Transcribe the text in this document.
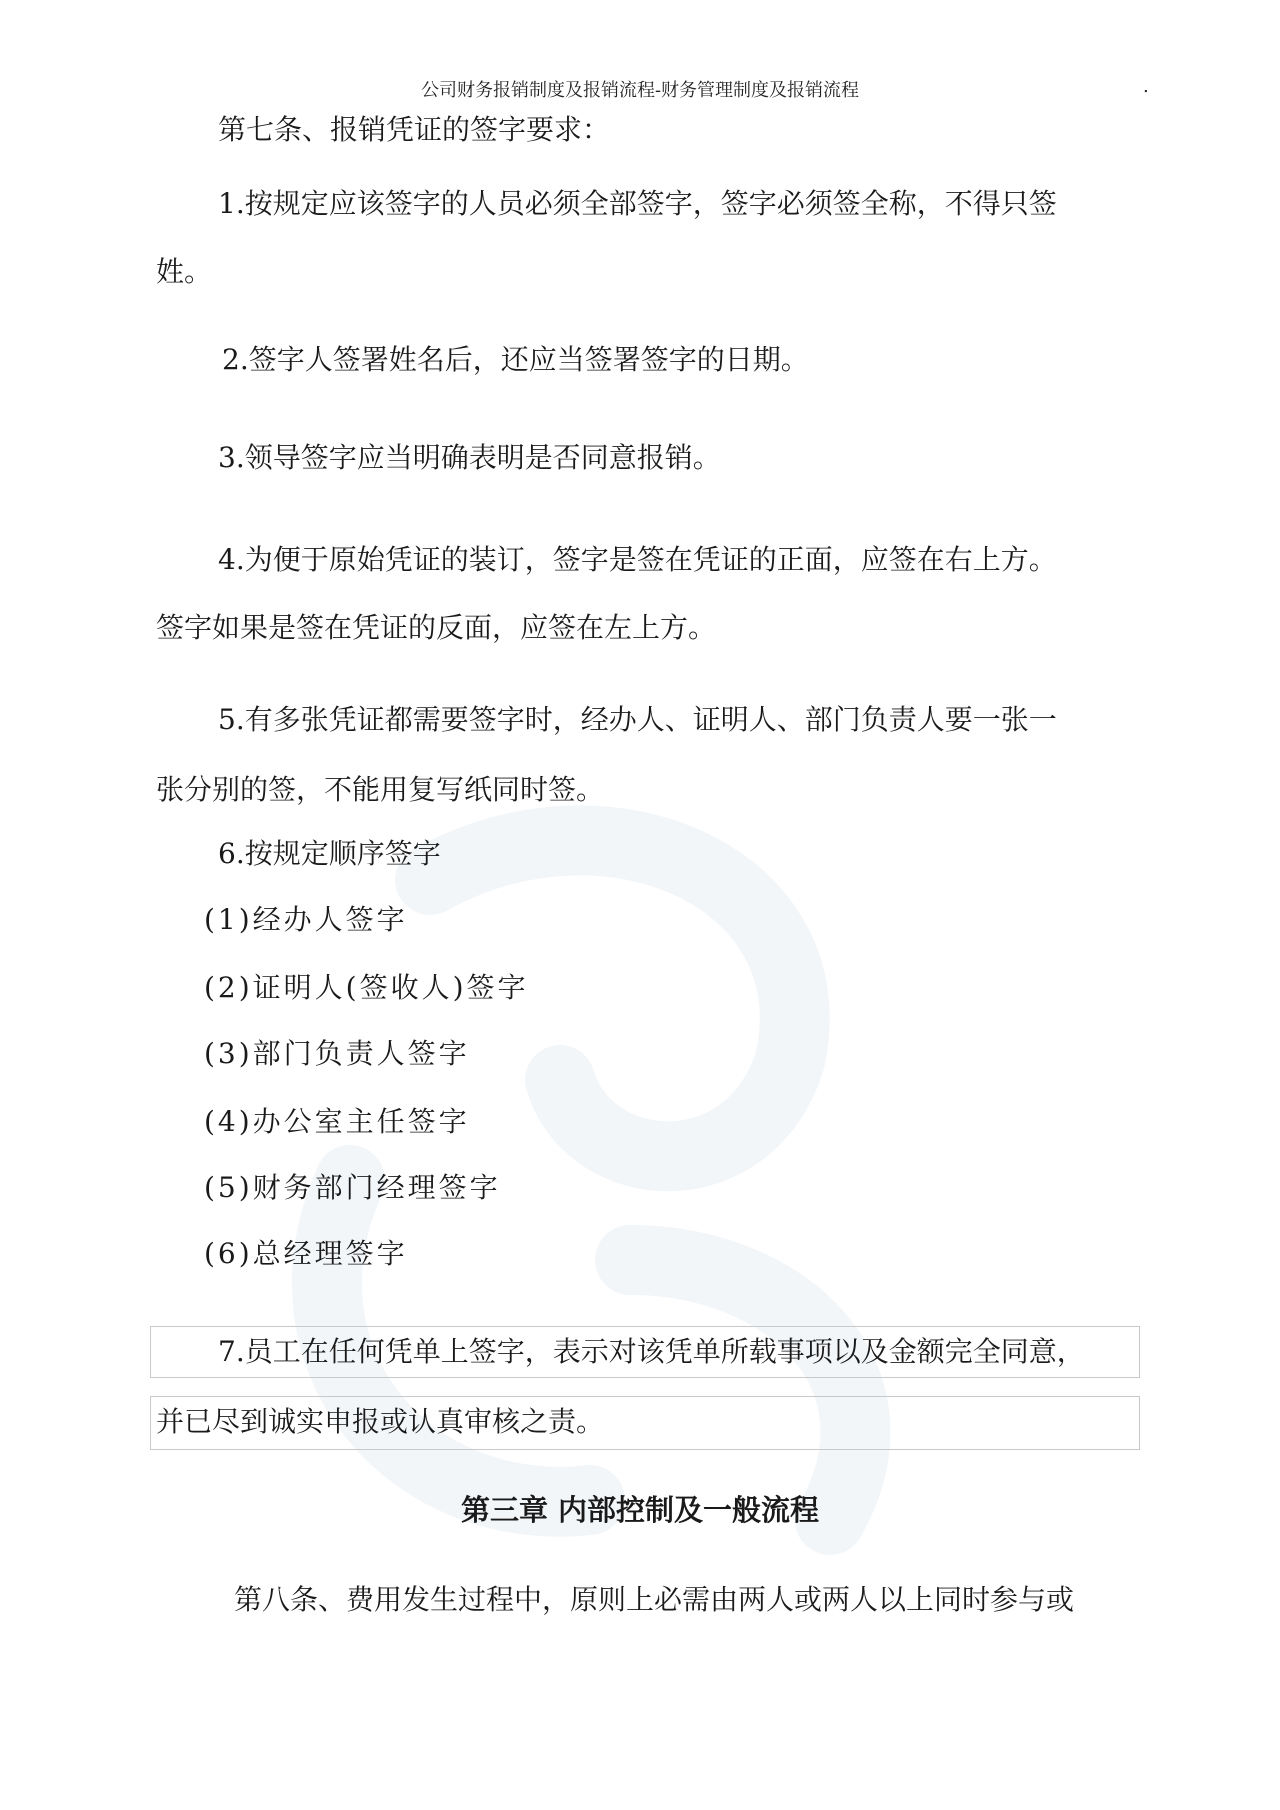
公司财务报销制度及报销流程-财务管理制度及报销流程	.
第七条、报销凭证的签字要求：
1.按规定应该签字的人员必须全部签字，签字必须签全称，不得只签
姓。
2.签字人签署姓名后，还应当签署签字的日期。
3.领导签字应当明确表明是否同意报销。
4.为便于原始凭证的装订，签字是签在凭证的正面，应签在右上方。
签字如果是签在凭证的反面，应签在左上方。
5.有多张凭证都需要签字时，经办人、证明人、部门负责人要一张一
张分别的签，不能用复写纸同时签。
6.按规定顺序签字
(1)经办人签字
(2)证明人(签收人)签字
(3)部门负责人签字
(4)办公室主任签字
(5)财务部门经理签字
(6)总经理签字
7.员工在任何凭单上签字，表示对该凭单所载事项以及金额完全同意，
并已尽到诚实申报或认真审核之责。
第三章 内部控制及一般流程
第八条、费用发生过程中，原则上必需由两人或两人以上同时参与或
